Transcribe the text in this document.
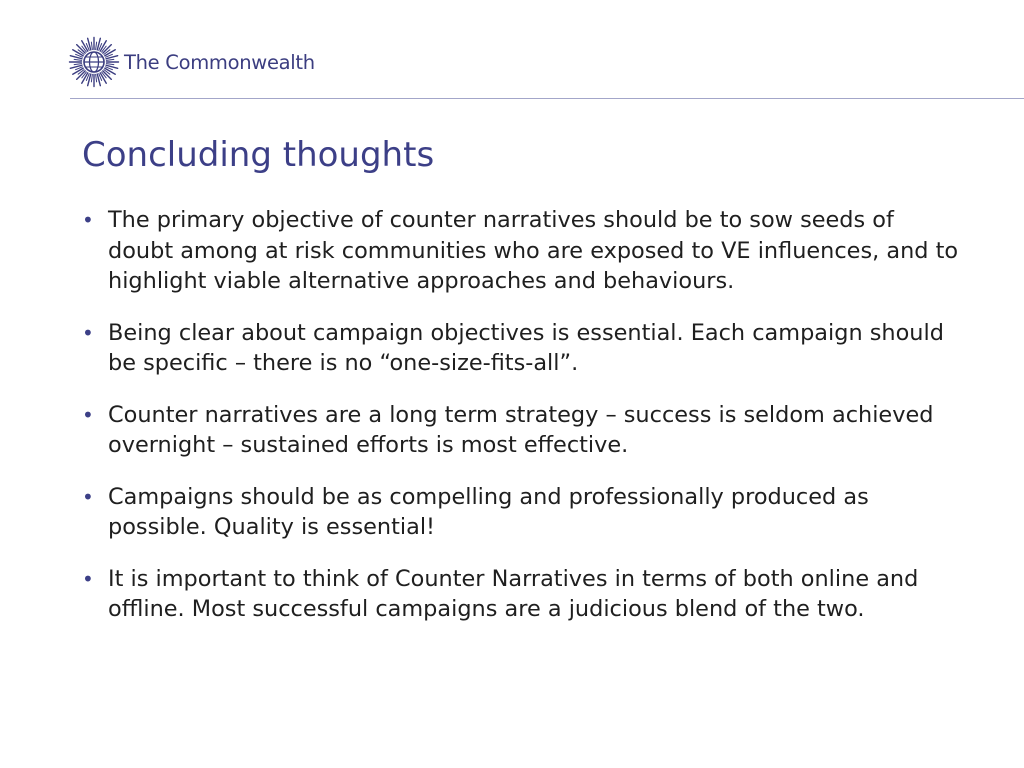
The Commonwealth
Concluding thoughts
• The primary objective of counter narratives should be to sow seeds of doubt among at risk communities who are exposed to VE influences, and to highlight viable alternative approaches and behaviours.
• Being clear about campaign objectives is essential. Each campaign should be specific – there is no “one-size-fits-all”.
• Counter narratives are a long term strategy – success is seldom achieved overnight – sustained efforts is most effective.
• Campaigns should be as compelling and professionally produced as possible. Quality is essential!
• It is important to think of Counter Narratives in terms of both online and offline. Most successful campaigns are a judicious blend of the two.
